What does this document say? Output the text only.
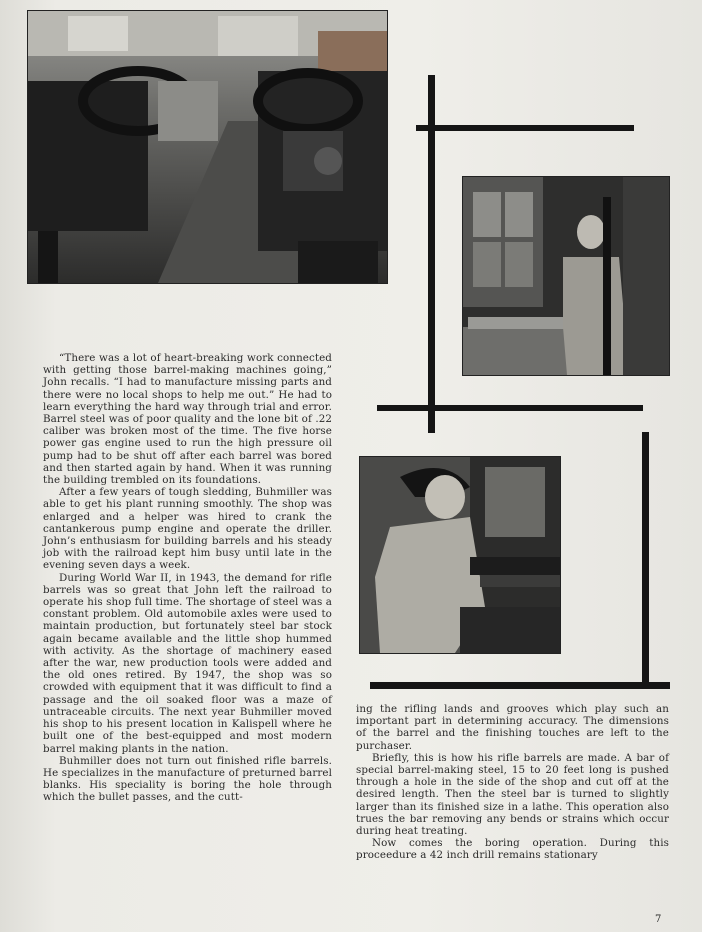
“There was a lot of heart-breaking work connected with getting those barrel-making machines going,” John recalls. “I had to manufacture missing parts and there were no local shops to help me out.” He had to learn everything the hard way through trial and error. Barrel steel was of poor quality and the lone bit of .22 caliber was broken most of the time. The five horse power gas engine used to run the high pressure oil pump had to be shut off after each barrel was bored and then started again by hand. When it was running the building trembled on its foundations.

After a few years of tough sledding, Buhmiller was able to get his plant running smoothly. The shop was enlarged and a helper was hired to crank the cantankerous pump engine and operate the driller. John’s enthusiasm for building barrels and his steady job with the railroad kept him busy until late in the evening seven days a week.

During World War II, in 1943, the demand for rifle barrels was so great that John left the railroad to operate his shop full time. The shortage of steel was a constant problem. Old automobile axles were used to maintain production, but fortunately steel bar stock again became available and the little shop hummed with activity. As the shortage of machinery eased after the war, new production tools were added and the old ones retired. By 1947, the shop was so crowded with equipment that it was difficult to find a passage and the oil soaked floor was a maze of untraceable circuits. The next year Buhmiller moved his shop to his present location in Kalispell where he built one of the best-equipped and most modern barrel making plants in the nation.

Buhmiller does not turn out finished rifle barrels. He specializes in the manufacture of preturned barrel blanks. His speciality is boring the hole through which the bullet passes, and the cutt-

ing the rifling lands and grooves which play such an important part in determining accuracy. The dimensions of the barrel and the finishing touches are left to the purchaser.

Briefly, this is how his rifle barrels are made. A bar of special barrel-making steel, 15 to 20 feet long is pushed through a hole in the side of the shop and cut off at the desired length. Then the steel bar is turned to slightly larger than its finished size in a lathe. This operation also trues the bar removing any bends or strains which occur during heat treating.

Now comes the boring operation. During this proceedure a 42 inch drill remains stationary

7
